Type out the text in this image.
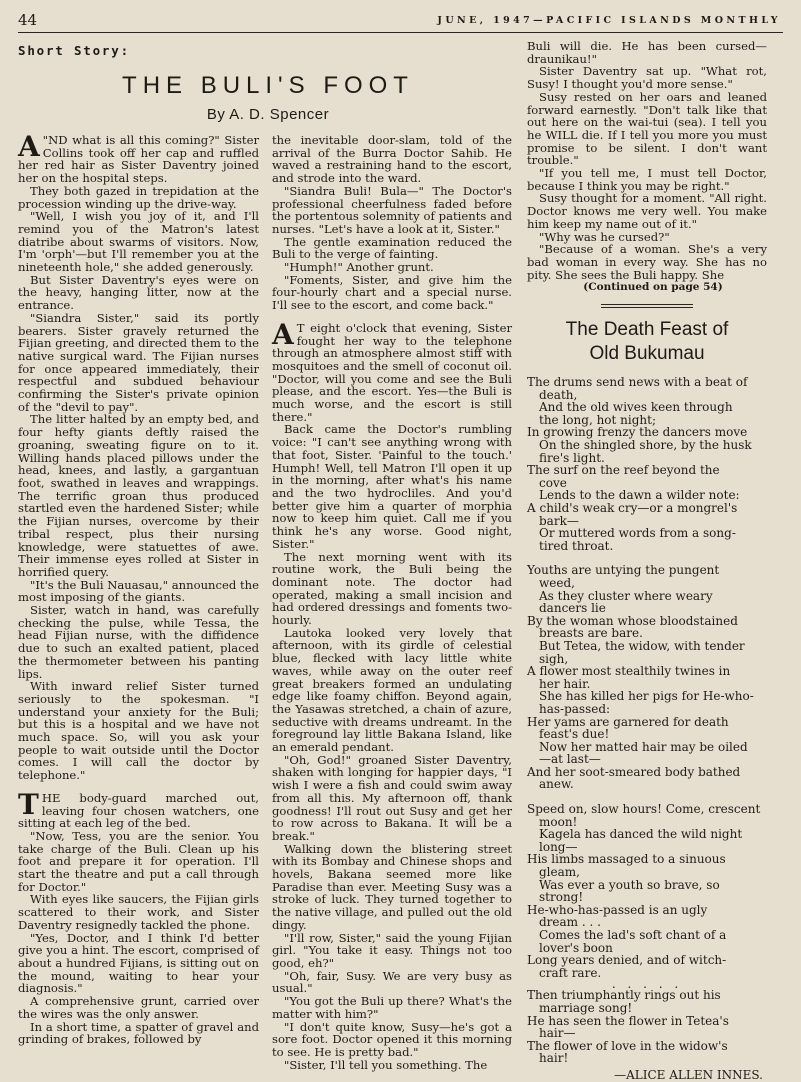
44	JUNE, 1947—PACIFIC ISLANDS MONTHLY
Short Story:
THE BULI'S FOOT
By A. D. Spencer

"
A ND what is all this coming?" Sister Collins took off her cap and ruffled her red hair as Sister Daventry joined her on the hospital steps.

They both gazed in trepidation at the procession winding up the drive-way.

"Well, I wish you joy of it, and I'll remind you of the Matron's latest diatribe about swarms of visitors. Now, I'm 'orph'—but I'll remember you at the nineteenth hole," she added generously.

But Sister Daventry's eyes were on the heavy, hanging litter, now at the entrance.

"Siandra Sister," said its portly bearers. Sister gravely returned the Fijian greeting, and directed them to the native surgical ward. The Fijian nurses for once appeared immediately, their respectful and subdued behaviour confirming the Sister's private opinion of the "devil to pay".

The litter halted by an empty bed, and four hefty giants deftly raised the groaning, sweating figure on to it. Willing hands placed pillows under the head, knees, and lastly, a gargantuan foot, swathed in leaves and wrappings. The terrific groan thus produced startled even the hardened Sister; while the Fijian nurses, overcome by their tribal respect, plus their nursing knowledge, were statuettes of awe. Their immense eyes rolled at Sister in horrified query.

"It's the Buli Nauasau," announced the most imposing of the giants.

Sister, watch in hand, was carefully checking the pulse, while Tessa, the head Fijian nurse, with the diffidence due to such an exalted patient, placed the thermometer between his panting lips.

With inward relief Sister turned seriously to the spokesman. "I understand your anxiety for the Buli; but this is a hospital and we have not much space. So, will you ask your people to wait outside until the Doctor comes. I will call the doctor by telephone."

THE body-guard marched out, leaving four chosen watchers, one sitting at each leg of the bed.

"Now, Tess, you are the senior. You take charge of the Buli. Clean up his foot and prepare it for operation. I'll start the theatre and put a call through for Doctor."

With eyes like saucers, the Fijian girls scattered to their work, and Sister Daventry resignedly tackled the phone.

"Yes, Doctor, and I think I'd better give you a hint. The escort, comprised of about a hundred Fijians, is sitting out on the mound, waiting to hear your diagnosis."

A comprehensive grunt, carried over the wires was the only answer.

In a short time, a spatter of gravel and grinding of brakes, followed by

the inevitable door-slam, told of the arrival of the Burra Doctor Sahib. He waved a restraining hand to the escort, and strode into the ward.

"Siandra Buli! Bula—" The Doctor's professional cheerfulness faded before the portentous solemnity of patients and nurses. "Let's have a look at it, Sister."

The gentle examination reduced the Buli to the verge of fainting.

"Humph!" Another grunt.

"Foments, Sister, and give him the four-hourly chart and a special nurse. I'll see to the escort, and come back."

A T eight o'clock that evening, Sister fought her way to the telephone through an atmosphere almost stiff with mosquitoes and the smell of coconut oil. "Doctor, will you come and see the Buli please, and the escort. Yes—the Buli is much worse, and the escort is still there."

Back came the Doctor's rumbling voice: "I can't see anything wrong with that foot, Sister. 'Painful to the touch.' Humph! Well, tell Matron I'll open it up in the morning, after what's his name and the two hydrocliles. And you'd better give him a quarter of morphia now to keep him quiet. Call me if you think he's any worse. Good night, Sister."

The next morning went with its routine work, the Buli being the dominant note. The doctor had operated, making a small incision and had ordered dressings and foments two-hourly.

Lautoka looked very lovely that afternoon, with its girdle of celestial blue, flecked with lacy little white waves, while away on the outer reef great breakers formed an undulating edge like foamy chiffon. Beyond again, the Yasawas stretched, a chain of azure, seductive with dreams undreamt. In the foreground lay little Bakana Island, like an emerald pendant.

"Oh, God!" groaned Sister Daventry, shaken with longing for happier days, "I wish I were a fish and could swim away from all this. My afternoon off, thank goodness! I'll rout out Susy and get her to row across to Bakana. It will be a break."

Walking down the blistering street with its Bombay and Chinese shops and hovels, Bakana seemed more like Paradise than ever. Meeting Susy was a stroke of luck. They turned together to the native village, and pulled out the old dingy.

"I'll row, Sister," said the young Fijian girl. "You take it easy. Things not too good, eh?"

"Oh, fair, Susy. We are very busy as usual."

"You got the Buli up there? What's the matter with him?"

"I don't quite know, Susy—he's got a sore foot. Doctor opened it this morning to see. He is pretty bad."

"Sister, I'll tell you something. The

Buli will die. He has been cursed—draunikau!"

Sister Daventry sat up. "What rot, Susy! I thought you'd more sense."

Susy rested on her oars and leaned forward earnestly. "Don't talk like that out here on the wai-tui (sea). I tell you he WILL die. If I tell you more you must promise to be silent. I don't want trouble."

"If you tell me, I must tell Doctor, because I think you may be right."

Susy thought for a moment. "All right. Doctor knows me very well. You make him keep my name out of it."

"Why was he cursed?"

"Because of a woman. She's a very bad woman in every way. She has no pity. She sees the Buli happy. She

(Continued on page 54)

The Death Feast of
Old Bukumau
The drums send news with a beat of
death,
And the old wives keen through
the long, hot night;
In growing frenzy the dancers move
On the shingled shore, by the husk
fire's light.
The surf on the reef beyond the
cove
Lends to the dawn a wilder note:
A child's weak cry—or a mongrel's
bark—
Or muttered words from a song-
tired throat.
Youths are untying the pungent
weed,
As they cluster where weary
dancers lie
By the woman whose bloodstained
breasts are bare.
But Tetea, the widow, with tender
sigh,
A flower most stealthily twines in
her hair.
She has killed her pigs for He-who-
has-passed:
Her yams are garnered for death
feast's due!
Now her matted hair may be oiled
—at last—
And her soot-smeared body bathed
anew.
Speed on, slow hours! Come, crescent
moon!
Kagela has danced the wild night
long—
His limbs massaged to a sinuous
gleam,
Was ever a youth so brave, so
strong!
He-who-has-passed is an ugly
dream . . .
Comes the lad's soft chant of a
lover's boon
Long years denied, and of witch-
craft rare.
. . . . .
Then triumphantly rings out his
marriage song!
He has seen the flower in Tetea's
hair—
The flower of love in the widow's
hair!
—ALICE ALLEN INNES.
